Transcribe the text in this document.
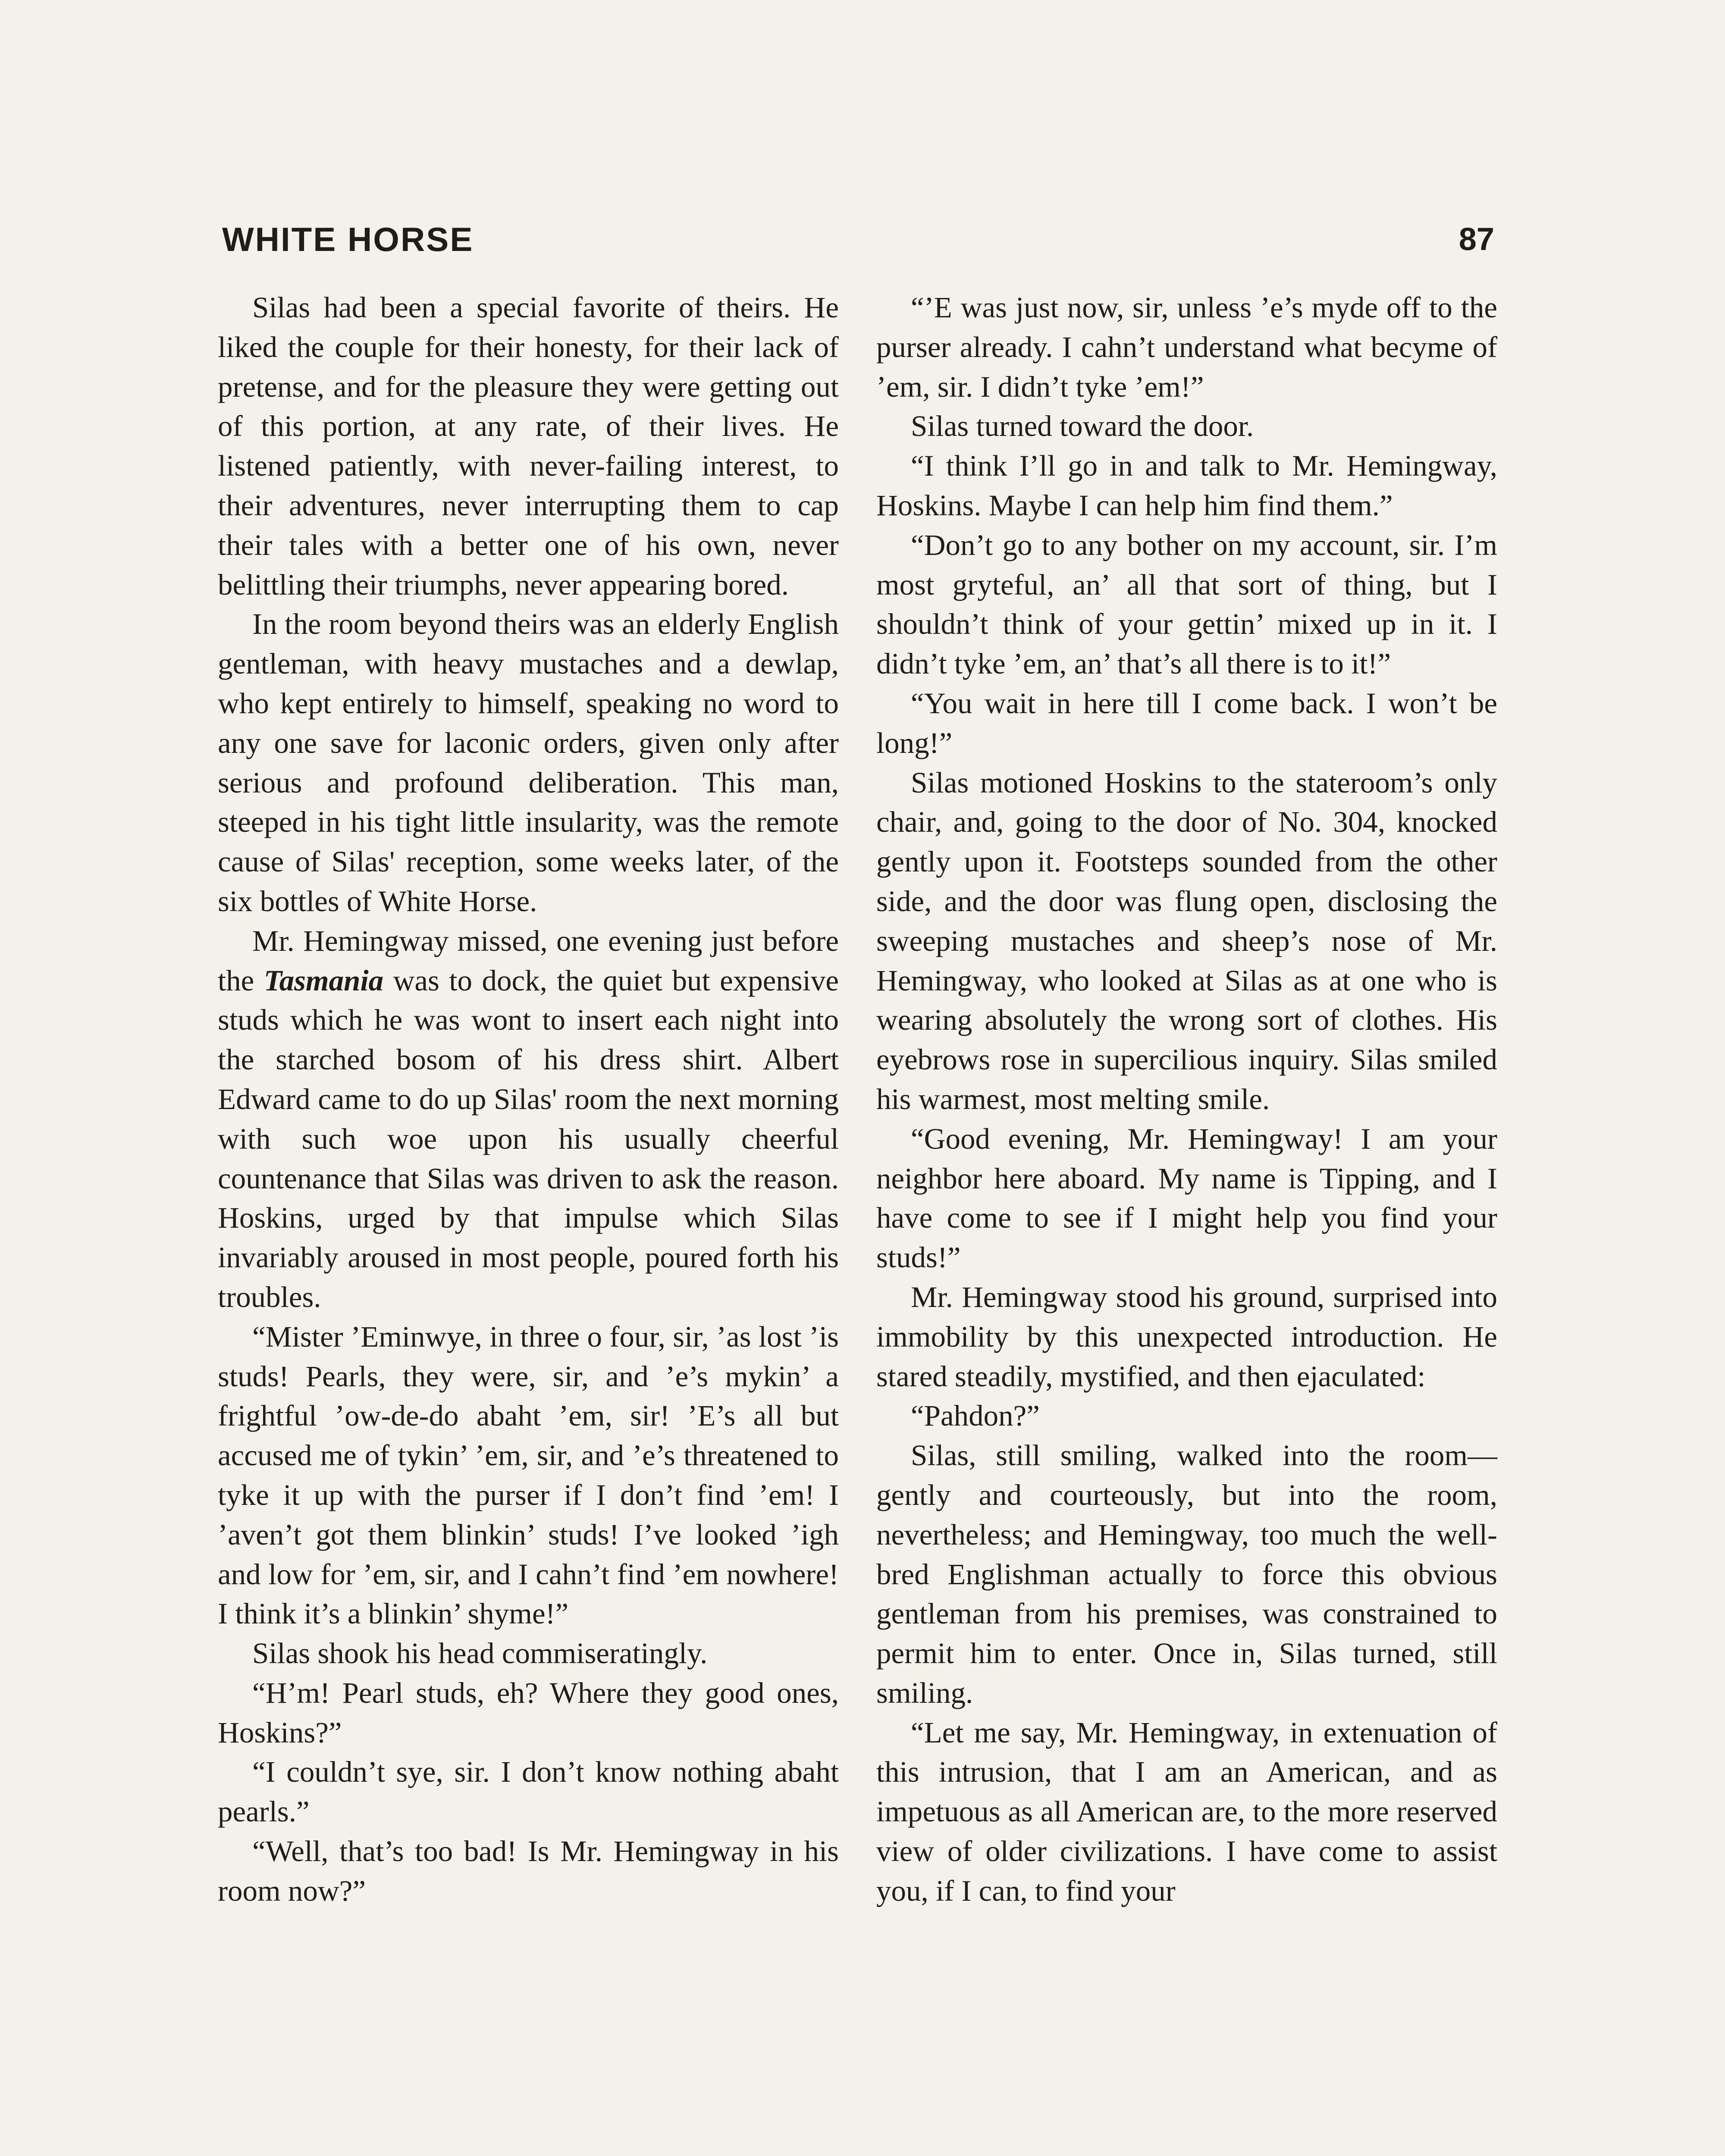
WHITE HORSE	87

Silas had been a special favorite of theirs. He liked the couple for their honesty, for their lack of pretense, and for the pleasure they were getting out of this portion, at any rate, of their lives. He listened patiently, with never-failing interest, to their adventures, never interrupting them to cap their tales with a better one of his own, never belittling their triumphs, never appearing bored.

In the room beyond theirs was an elderly English gentleman, with heavy mustaches and a dewlap, who kept entirely to himself, speaking no word to any one save for laconic orders, given only after serious and profound deliberation. This man, steeped in his tight little insularity, was the remote cause of Silas' reception, some weeks later, of the six bottles of White Horse.

Mr. Hemingway missed, one evening just before the Tasmania was to dock, the quiet but expensive studs which he was wont to insert each night into the starched bosom of his dress shirt. Albert Edward came to do up Silas' room the next morning with such woe upon his usually cheerful countenance that Silas was driven to ask the reason. Hoskins, urged by that impulse which Silas invariably aroused in most people, poured forth his troubles.

“Mister ’Eminwye, in three o four, sir, ’as lost ’is studs! Pearls, they were, sir, and ’e’s mykin’ a frightful ’ow-de-do abaht ’em, sir! ’E’s all but accused me of tykin’ ’em, sir, and ’e’s threatened to tyke it up with the purser if I don’t find ’em! I ’aven’t got them blinkin’ studs! I’ve looked ’igh and low for ’em, sir, and I cahn’t find ’em nowhere! I think it’s a blinkin’ shyme!”

Silas shook his head commiseratingly.

“H’m! Pearl studs, eh? Where they good ones, Hoskins?”

“I couldn’t sye, sir. I don’t know nothing abaht pearls.”

“Well, that’s too bad! Is Mr. Hemingway in his room now?”

“’E was just now, sir, unless ’e’s myde off to the purser already. I cahn’t understand what becyme of ’em, sir. I didn’t tyke ’em!”

Silas turned toward the door.

“I think I’ll go in and talk to Mr. Hemingway, Hoskins. Maybe I can help him find them.”

“Don’t go to any bother on my account, sir. I’m most gryteful, an’ all that sort of thing, but I shouldn’t think of your gettin’ mixed up in it. I didn’t tyke ’em, an’ that’s all there is to it!”

“You wait in here till I come back. I won’t be long!”

Silas motioned Hoskins to the stateroom’s only chair, and, going to the door of No. 304, knocked gently upon it. Footsteps sounded from the other side, and the door was flung open, disclosing the sweeping mustaches and sheep’s nose of Mr. Hemingway, who looked at Silas as at one who is wearing absolutely the wrong sort of clothes. His eyebrows rose in supercilious inquiry. Silas smiled his warmest, most melting smile.

“Good evening, Mr. Hemingway! I am your neighbor here aboard. My name is Tipping, and I have come to see if I might help you find your studs!”

Mr. Hemingway stood his ground, surprised into immobility by this unexpected introduction. He stared steadily, mystified, and then ejaculated:

“Pahdon?”

Silas, still smiling, walked into the room—gently and courteously, but into the room, nevertheless; and Hemingway, too much the well-bred Englishman actually to force this obvious gentleman from his premises, was constrained to permit him to enter. Once in, Silas turned, still smiling.

“Let me say, Mr. Hemingway, in extenuation of this intrusion, that I am an American, and as impetuous as all American are, to the more reserved view of older civilizations. I have come to assist you, if I can, to find your
